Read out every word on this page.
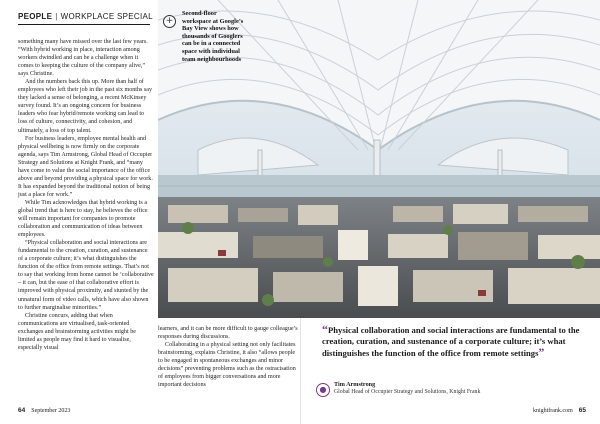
+
Second-floor
workspace at Google’s
Bay View shows how
thousands of Googlers
can be in a connected
space with individual
team neighbourhoods
PEOPLE | WORKPLACE SPECIAL

something many have missed over the last few years. “With hybrid working in place, interaction among workers dwindled and can be a challenge when it comes to keeping the culture of the company alive,” says Christine.

And the numbers back this up. More than half of employees who left their job in the past six months say they lacked a sense of belonging, a recent McKinsey survey found. It’s an ongoing concern for business leaders who fear hybrid/remote working can lead to loss of culture, connectivity, and cohesion, and ultimately, a loss of top talent.

For business leaders, employee mental health and physical wellbeing is now firmly on the corporate agenda, says Tim Armstrong, Global Head of Occupier Strategy and Solutions at Knight Frank, and “many have come to value the social importance of the office above and beyond providing a physical space for work. It has expanded beyond the traditional notion of being just a place for work.”

While Tim acknowledges that hybrid working is a global trend that is here to stay, he believes the office will remain important for companies to promote collaboration and communication of ideas between employees.

“Physical collaboration and social interactions are fundamental to the creation, curation, and sustenance of a corporate culture; it’s what distinguishes the function of the office from remote settings. That’s not to say that working from home cannot be ‘collaborative – it can, but the ease of that collaborative effort is improved with physical proximity, and stunted by the unnatural form of video calls, which have also shown to further marginalise minorities.”

Christine concurs, adding that when communications are virtualised, task-oriented exchanges and brainstorming activities might be limited as people may find it hard to visualise, especially visual

learners, and it can be more difficult to gauge colleague’s responses during discussions.

Collaborating in a physical setting not only facilitates brainstorming, explains Christine, it also “allows people to be engaged in spontaneous exchanges and minor decisions” preventing problems such as the ostracisation of employees from bigger conversations and more important decisions

“Physical collaboration and social interactions are fundamental to the creation, curation, and sustenance of a corporate culture; it’s what distinguishes the function of the office from remote settings”
●
Tim Armstrong
Global Head of Occupier Strategy and Solutions, Knight Frank
64 September 2023	knightfrank.com 65
